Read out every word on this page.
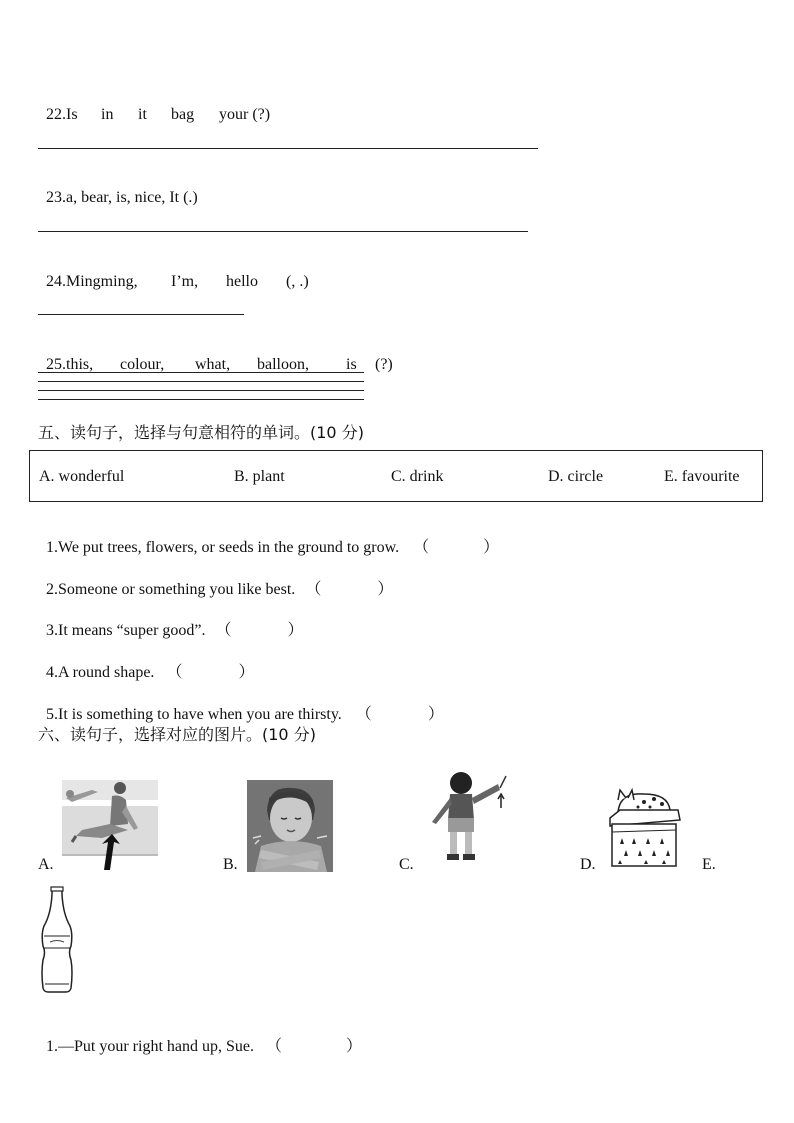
22.Is in it bag your (?)

23.a, bear, is, nice, It (.)

24.Mingming, I’m, hello (, .)

25.this, colour, what, balloon, is (?)

五、读句子，选择与句意相符的单词。(10 分)
A. wonderful	B. plant	C. drink	D. circle	E. favourite

1.We put trees, flowers, or seeds in the ground to grow. （	）

2.Someone or something you like best. （	）

3.It means “super good”. （	）

4.A round shape. （	）

5.It is something to have when you are thirsty. （	）

六、读句子，选择对应的图片。(10 分)
A.	B.	C.	D.	E.

1.—Put your right hand up, Sue. （	）
